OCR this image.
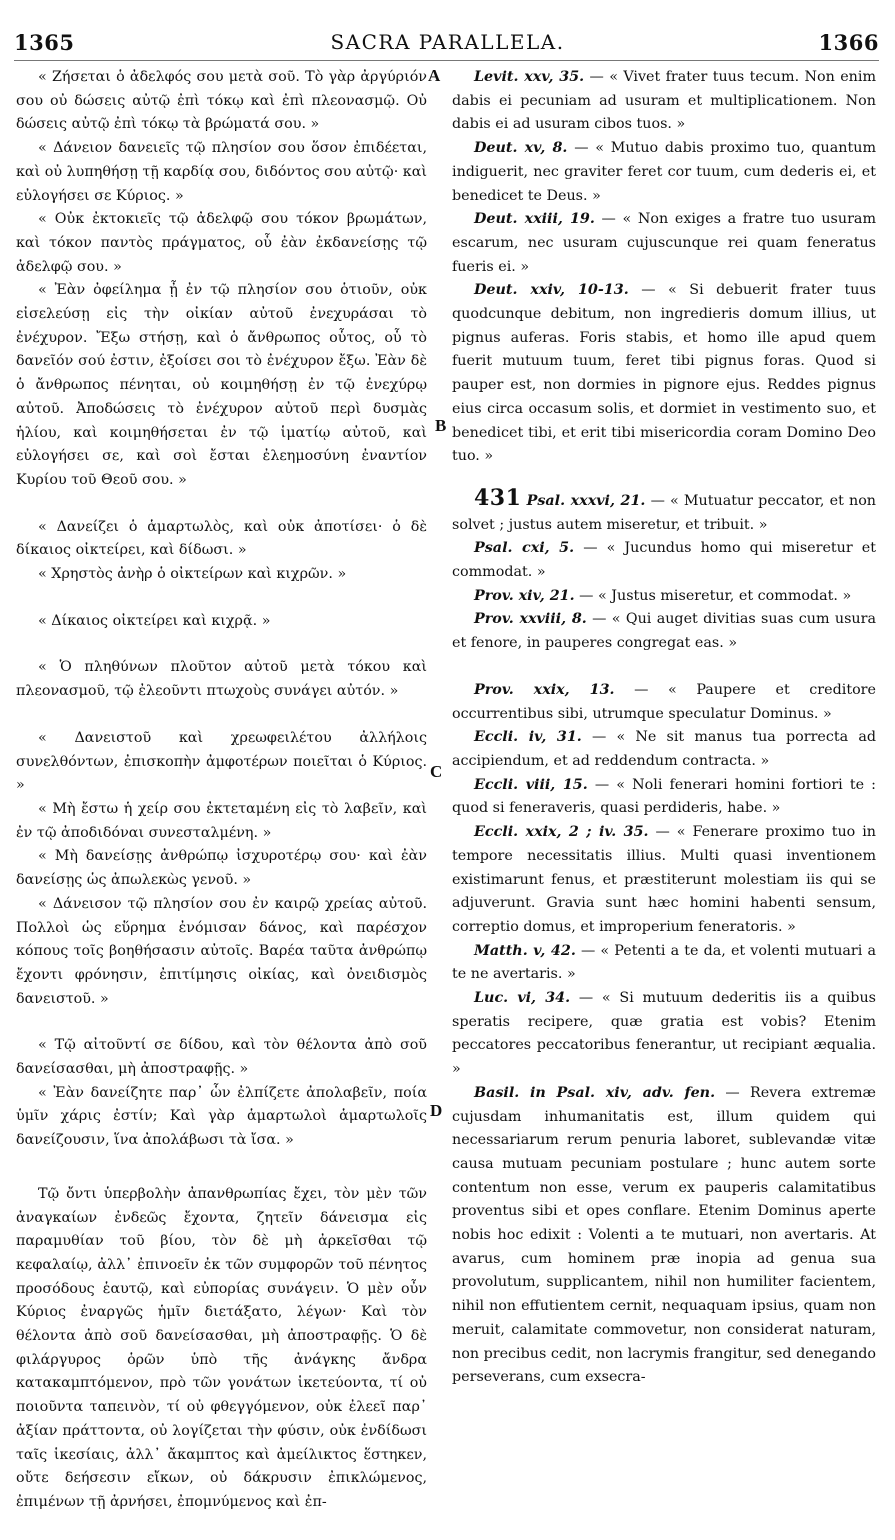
1365	SACRA PARALLELA.	1366
A
B
C
D

« Ζήσεται ὁ ἀδελφός σου μετὰ σοῦ. Τὸ γὰρ ἀργύριόν σου οὐ δώσεις αὐτῷ ἐπὶ τόκῳ καὶ ἐπὶ πλεονασμῷ. Οὐ δώσεις αὐτῷ ἐπὶ τόκῳ τὰ βρώματά σου. »

« Δάνειον δανειεῖς τῷ πλησίον σου ὅσον ἐπιδέεται, καὶ οὐ λυπηθήσῃ τῇ καρδίᾳ σου, διδόντος σου αὐτῷ· καὶ εὐλογήσει σε Κύριος. »

« Οὐκ ἐκτοκιεῖς τῷ ἀδελφῷ σου τόκον βρωμάτων, καὶ τόκον παντὸς πράγματος, οὗ ἐὰν ἐκδανείσῃς τῷ ἀδελφῷ σου. »

« Ἐὰν ὀφείλημα ᾖ ἐν τῷ πλησίον σου ὁτιοῦν, οὐκ εἰσελεύσῃ εἰς τὴν οἰκίαν αὐτοῦ ἐνεχυράσαι τὸ ἐνέχυρον. Ἔξω στήσῃ, καὶ ὁ ἄνθρωπος οὗτος, οὗ τὸ δανεῖόν σού ἐστιν, ἐξοίσει σοι τὸ ἐνέχυρον ἔξω. Ἐὰν δὲ ὁ ἄνθρωπος πένηται, οὐ κοιμηθήσῃ ἐν τῷ ἐνεχύρῳ αὐτοῦ. Ἀποδώσεις τὸ ἐνέχυρον αὐτοῦ περὶ δυσμὰς ἡλίου, καὶ κοιμηθήσεται ἐν τῷ ἱματίῳ αὐτοῦ, καὶ εὐλογήσει σε, καὶ σοὶ ἔσται ἐλεημοσύνη ἐναντίον Κυρίου τοῦ Θεοῦ σου. »

« Δανείζει ὁ ἁμαρτωλὸς, καὶ οὐκ ἀποτίσει· ὁ δὲ δίκαιος οἰκτείρει, καὶ δίδωσι. »

« Χρηστὸς ἀνὴρ ὁ οἰκτείρων καὶ κιχρῶν. »

« Δίκαιος οἰκτείρει καὶ κιχρᾷ. »

« Ὁ πληθύνων πλοῦτον αὐτοῦ μετὰ τόκου καὶ πλεονασμοῦ, τῷ ἐλεοῦντι πτωχοὺς συνάγει αὐτόν. »

« Δανειστοῦ καὶ χρεωφειλέτου ἀλλήλοις συνελθόντων, ἐπισκοπὴν ἀμφοτέρων ποιεῖται ὁ Κύριος. »

« Μὴ ἔστω ἡ χείρ σου ἐκτεταμένη εἰς τὸ λαβεῖν, καὶ ἐν τῷ ἀποδιδόναι συνεσταλμένη. »

« Μὴ δανείσῃς ἀνθρώπῳ ἰσχυροτέρῳ σου· καὶ ἐὰν δανείσῃς ὡς ἀπωλεκὼς γενοῦ. »

« Δάνεισον τῷ πλησίον σου ἐν καιρῷ χρείας αὐτοῦ. Πολλοὶ ὡς εὕρημα ἐνόμισαν δάνος, καὶ παρέσχον κόπους τοῖς βοηθήσασιν αὐτοῖς. Βαρέα ταῦτα ἀνθρώπῳ ἔχοντι φρόνησιν, ἐπιτίμησις οἰκίας, καὶ ὀνειδισμὸς δανειστοῦ. »

« Τῷ αἰτοῦντί σε δίδου, καὶ τὸν θέλοντα ἀπὸ σοῦ δανείσασθαι, μὴ ἀποστραφῇς. »

« Ἐὰν δανείζητε παρ᾽ ὧν ἐλπίζετε ἀπολαβεῖν, ποία ὑμῖν χάρις ἐστίν; Καὶ γὰρ ἁμαρτωλοὶ ἁμαρτωλοῖς δανείζουσιν, ἵνα ἀπολάβωσι τὰ ἴσα. »

Τῷ ὄντι ὑπερβολὴν ἀπανθρωπίας ἔχει, τὸν μὲν τῶν ἀναγκαίων ἐνδεῶς ἔχοντα, ζητεῖν δάνεισμα εἰς παραμυθίαν τοῦ βίου, τὸν δὲ μὴ ἀρκεῖσθαι τῷ κεφαλαίῳ, ἀλλ᾽ ἐπινοεῖν ἐκ τῶν συμφορῶν τοῦ πένητος προσόδους ἑαυτῷ, καὶ εὐπορίας συνάγειν. Ὁ μὲν οὖν Κύριος ἐναργῶς ἡμῖν διετάξατο, λέγων· Καὶ τὸν θέλοντα ἀπὸ σοῦ δανείσασθαι, μὴ ἀποστραφῇς. Ὁ δὲ φιλάργυρος ὁρῶν ὑπὸ τῆς ἀνάγκης ἄνδρα κατακαμπτόμενον, πρὸ τῶν γονάτων ἱκετεύοντα, τί οὐ ποιοῦντα ταπεινὸν, τί οὐ φθεγγόμενον, οὐκ ἐλεεῖ παρ᾽ ἀξίαν πράττοντα, οὐ λογίζεται τὴν φύσιν, οὐκ ἐνδίδωσι ταῖς ἱκεσίαις, ἀλλ᾽ ἄκαμπτος καὶ ἀμείλικτος ἕστηκεν, οὔτε δεήσεσιν εἴκων, οὐ δάκρυσιν ἐπικλώμενος, ἐπιμένων τῇ ἀρνήσει, ἐπομνύμενος καὶ ἐπ-

Levit. xxv, 35. — « Vivet frater tuus tecum. Non enim dabis ei pecuniam ad usuram et multiplicationem. Non dabis ei ad usuram cibos tuos. »

Deut. xv, 8. — « Mutuo dabis proximo tuo, quantum indiguerit, nec graviter feret cor tuum, cum dederis ei, et benedicet te Deus. »

Deut. xxiii, 19. — « Non exiges a fratre tuo usuram escarum, nec usuram cujuscunque rei quam feneratus fueris ei. »

Deut. xxiv, 10-13. — « Si debuerit frater tuus quodcunque debitum, non ingredieris domum illius, ut pignus auferas. Foris stabis, et homo ille apud quem fuerit mutuum tuum, feret tibi pignus foras. Quod si pauper est, non dormies in pignore ejus. Reddes pignus eius circa occasum solis, et dormiet in vestimento suo, et benedicet tibi, et erit tibi misericordia coram Domino Deo tuo. »

431 Psal. xxxvi, 21. — « Mutuatur peccator, et non solvet ; justus autem miseretur, et tribuit. »

Psal. cxi, 5. — « Jucundus homo qui miseretur et commodat. »

Prov. xiv, 21. — « Justus miseretur, et commodat. »

Prov. xxviii, 8. — « Qui auget divitias suas cum usura et fenore, in pauperes congregat eas. »

Prov. xxix, 13. — « Paupere et creditore occurrentibus sibi, utrumque speculatur Dominus. »

Eccli. iv, 31. — « Ne sit manus tua porrecta ad accipiendum, et ad reddendum contracta. »

Eccli. viii, 15. — « Noli fenerari homini fortiori te : quod si feneraveris, quasi perdideris, habe. »

Eccli. xxix, 2 ; iv. 35. — « Fenerare proximo tuo in tempore necessitatis illius. Multi quasi inventionem existimarunt fenus, et præstiterunt molestiam iis qui se adjuverunt. Gravia sunt hæc homini habenti sensum, correptio domus, et improperium feneratoris. »

Matth. v, 42. — « Petenti a te da, et volenti mutuari a te ne avertaris. »

Luc. vi, 34. — « Si mutuum dederitis iis a quibus speratis recipere, quæ gratia est vobis? Etenim peccatores peccatoribus fenerantur, ut recipiant æqualia. »

Basil. in Psal. xiv, adv. fen. — Revera extremæ cujusdam inhumanitatis est, illum quidem qui necessariarum rerum penuria laboret, sublevandæ vitæ causa mutuam pecuniam postulare ; hunc autem sorte contentum non esse, verum ex pauperis calamitatibus proventus sibi et opes conflare. Etenim Dominus aperte nobis hoc edixit : Volenti a te mutuari, non avertaris. At avarus, cum hominem præ inopia ad genua sua provolutum, supplicantem, nihil non humiliter facientem, nihil non effutientem cernit, nequaquam ipsius, quam non meruit, calamitate commovetur, non considerat naturam, non precibus cedit, non lacrymis frangitur, sed denegando perseverans, cum exsecra-
